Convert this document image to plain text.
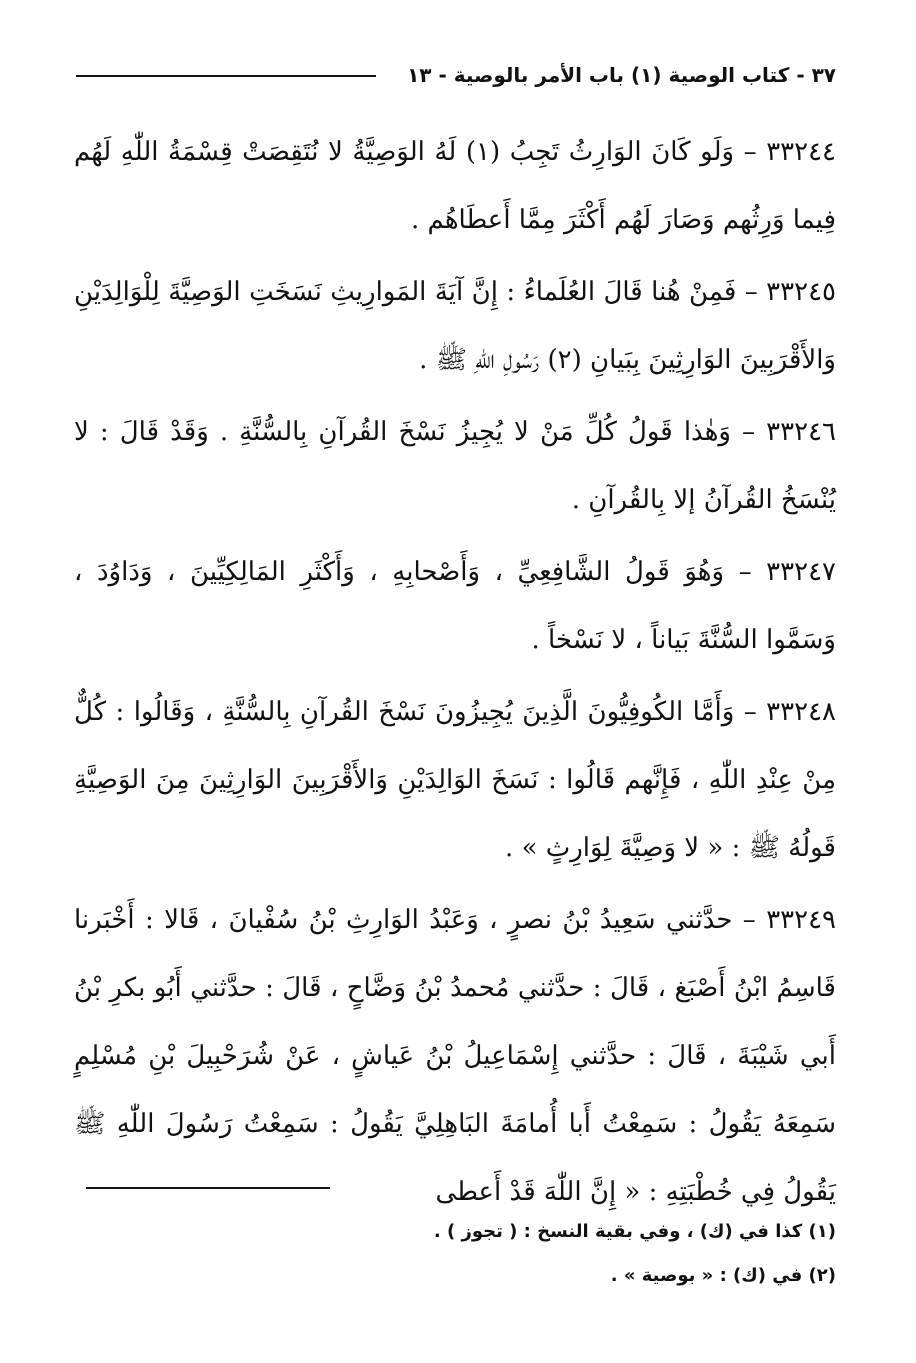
٣٧ - كتاب الوصية (١) باب الأمر بالوصية - ١٣

٣٣٢٤٤ – وَلَو كَانَ الوَارِثُ تَجِبُ (١) لَهُ الوَصِيَّةُ لا نُتَقِصَتْ قِسْمَةُ اللّٰهِ لَهُم فِيما وَرِثُهم وَصَارَ لَهُم أَكْثَرَ مِمَّا أَعطَاهُم .

٣٣٢٤٥ – فَمِنْ هُنا قَالَ العُلَماءُ : إِنَّ آيَةَ المَوارِيثِ نَسَخَتِ الوَصِيَّةَ لِلْوَالِدَيْنِ وَالأَقْرَبِينَ الوَارِثِينَ بِبَيانِ (٢) رَسُولِ اللّٰهِ ﷺ .

٣٣٢٤٦ – وَهٰذا قَولُ كُلِّ مَنْ لا يُجِيزُ نَسْخَ القُرآنِ بِالسُّنَّةِ . وَقَدْ قَالَ : لا يُنْسَخُ القُرآنُ إلا بِالقُرآنِ .

٣٣٢٤٧ – وَهُوَ قَولُ الشَّافِعِيِّ ، وَأَصْحابِهِ ، وَأَكْثَرِ المَالِكِيِّينَ ، وَدَاوُدَ ، وَسَمَّوا السُّنَّةَ بَياناً ، لا نَسْخاً .

٣٣٢٤٨ – وَأَمَّا الكُوفِيُّونَ الَّذِينَ يُجِيزُونَ نَسْخَ القُرآنِ بِالسُّنَّةِ ، وَقَالُوا : كُلٌّ مِنْ عِنْدِ اللّٰهِ ، فَإِنَّهم قَالُوا : نَسَخَ الوَالِدَيْنِ وَالأَقْرَبِينَ الوَارِثِينَ مِنَ الوَصِيَّةِ قَولُهُ ﷺ : « لا وَصِيَّةَ لِوَارِثٍ » .

٣٣٢٤٩ – حدَّثني سَعِيدُ بْنُ نصرٍ ، وَعَبْدُ الوَارِثِ بْنُ سُفْيانَ ، قَالا : أَخْبَرنا قَاسِمُ ابْنُ أَصْبَغ ، قَالَ : حدَّثني مُحمدُ بْنُ وَضَّاحٍ ، قَالَ : حدَّثني أَبُو بكرِ بْنُ أَبي شَيْبَةَ ، قَالَ : حدَّثني إِسْمَاعِيلُ بْنُ عَياشٍ ، عَنْ شُرَحْبِيلَ بْنِ مُسْلِمٍ سَمِعَهُ يَقُولُ : سَمِعْتُ أَبا أُمامَةَ البَاهِلِيَّ يَقُولُ : سَمِعْتُ رَسُولَ اللّٰهِ ﷺ يَقُولُ فِي خُطْبَتِهِ : « إِنَّ اللّٰهَ قَدْ أَعطى

(١) كذا في (ك) ، وفي بقية النسخ : ( تجوز ) .

(٢) في (ك) : « بوصية » .
